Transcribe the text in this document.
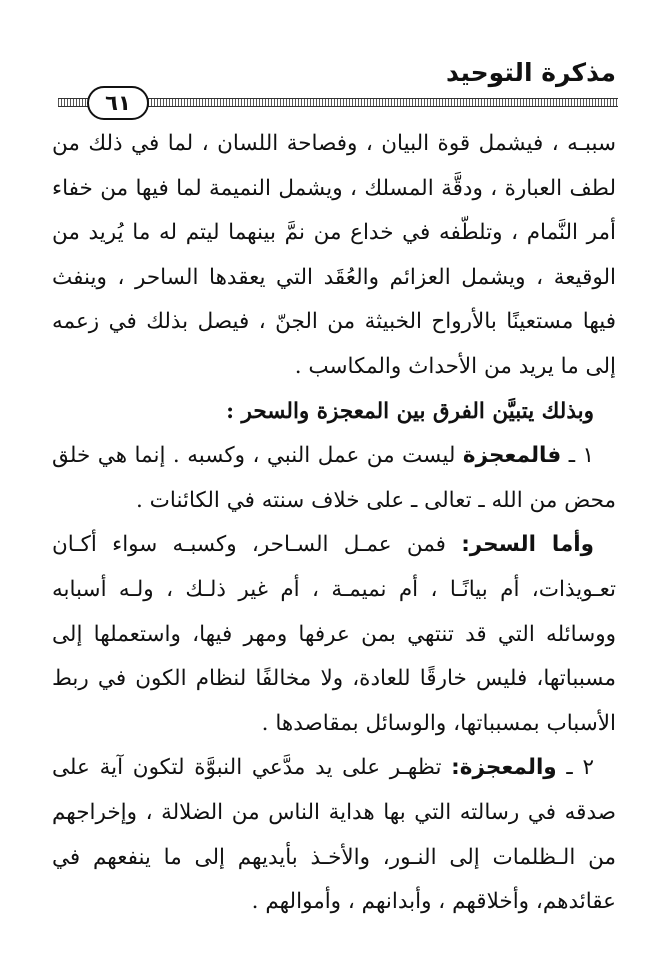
مذكرة التوحيد
٦١
سببـه ، فيشمل قوة البيان ، وفصاحة اللسان ، لما في ذلك من
لطف العبارة ، ودقَّة المسلك ، ويشمل النميمة لما فيها من خفاء
أمر النَّمام ، وتلطّفه في خداع من نمَّ بينهما ليتم له ما يُريد من
الوقيعة ، ويشمل العزائم والعُقَد التي يعقدها الساحر ، وينفث
فيها مستعينًا بالأرواح الخبيثة من الجنّ ، فيصل بذلك في زعمه
إلى ما يريد من الأحداث والمكاسب .
وبذلك يتبيَّن الفرق بين المعجزة والسحر :
١ ـ فالمعجزة ليست من عمل النبي ، وكسبه . إنما هي خلق
محض من الله ـ تعالى ـ على خلاف سنته في الكائنات .
وأما السحر: فمن عمـل السـاحر، وكسبـه سواء أكـان
تعـويذات، أم بيانًـا ، أم نميمـة ، أم غير ذلـك ، ولـه أسبابه
ووسائله التي قد تنتهي بمن عرفها ومهر فيها، واستعملها إلى
مسبباتها، فليس خارقًا للعادة، ولا مخالفًا لنظام الكون في ربط
الأسباب بمسبباتها، والوسائل بمقاصدها .
٢ ـ والمعجزة: تظهـر على يد مدَّعي النبوَّة لتكون آية على
صدقه في رسالته التي بها هداية الناس من الضلالة ، وإخراجهم
من الـظلمات إلى النـور، والأخـذ بأيديهم إلى ما ينفعهم في
عقائدهم، وأخلاقهم ، وأبدانهم ، وأموالهم .
